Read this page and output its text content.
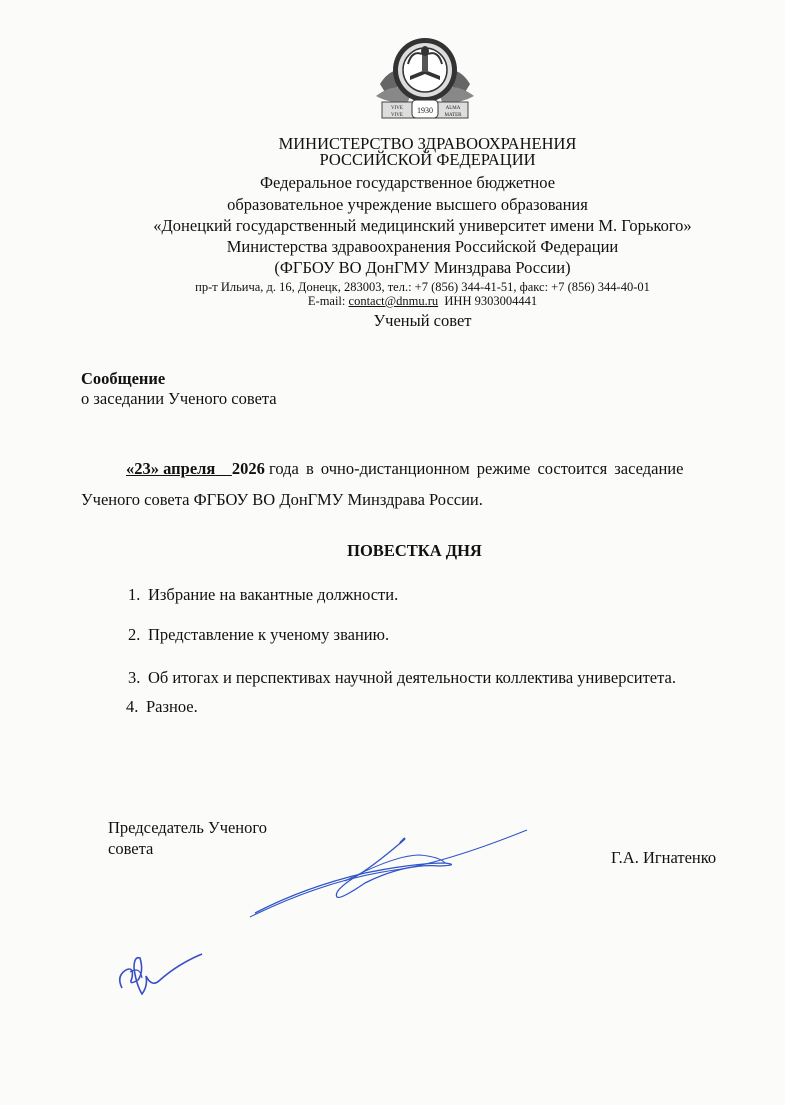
1930
VIVE
VIVE
ALMA
MATER
МИНИСТЕРСТВО ЗДРАВООХРАНЕНИЯ
РОССИЙСКОЙ ФЕДЕРАЦИИ
Федеральное государственное бюджетное
образовательное учреждение высшего образования
«Донецкий государственный медицинский университет имени М. Горького»
Министерства здравоохранения Российской Федерации
(ФГБОУ ВО ДонГМУ Минздрава России)
пр-т Ильича, д. 16, Донецк, 283003, тел.: +7 (856) 344-41-51, факс: +7 (856) 344-40-01
E-mail: contact@dnmu.ru ИНН 9303004441
Ученый совет
Сообщение
о заседании Ученого совета
«23» апреля 2026 года в очно-дистанционном режиме состоится заседание
Ученого совета ФГБОУ ВО ДонГМУ Минздрава России.
ПОВЕСТКА ДНЯ
1. Избрание на вакантные должности.
2. Представление к ученому званию.
3. Об итогах и перспективах научной деятельности коллектива университета.
4. Разное.
Председатель Ученого
совета	Г.А. Игнатенко
